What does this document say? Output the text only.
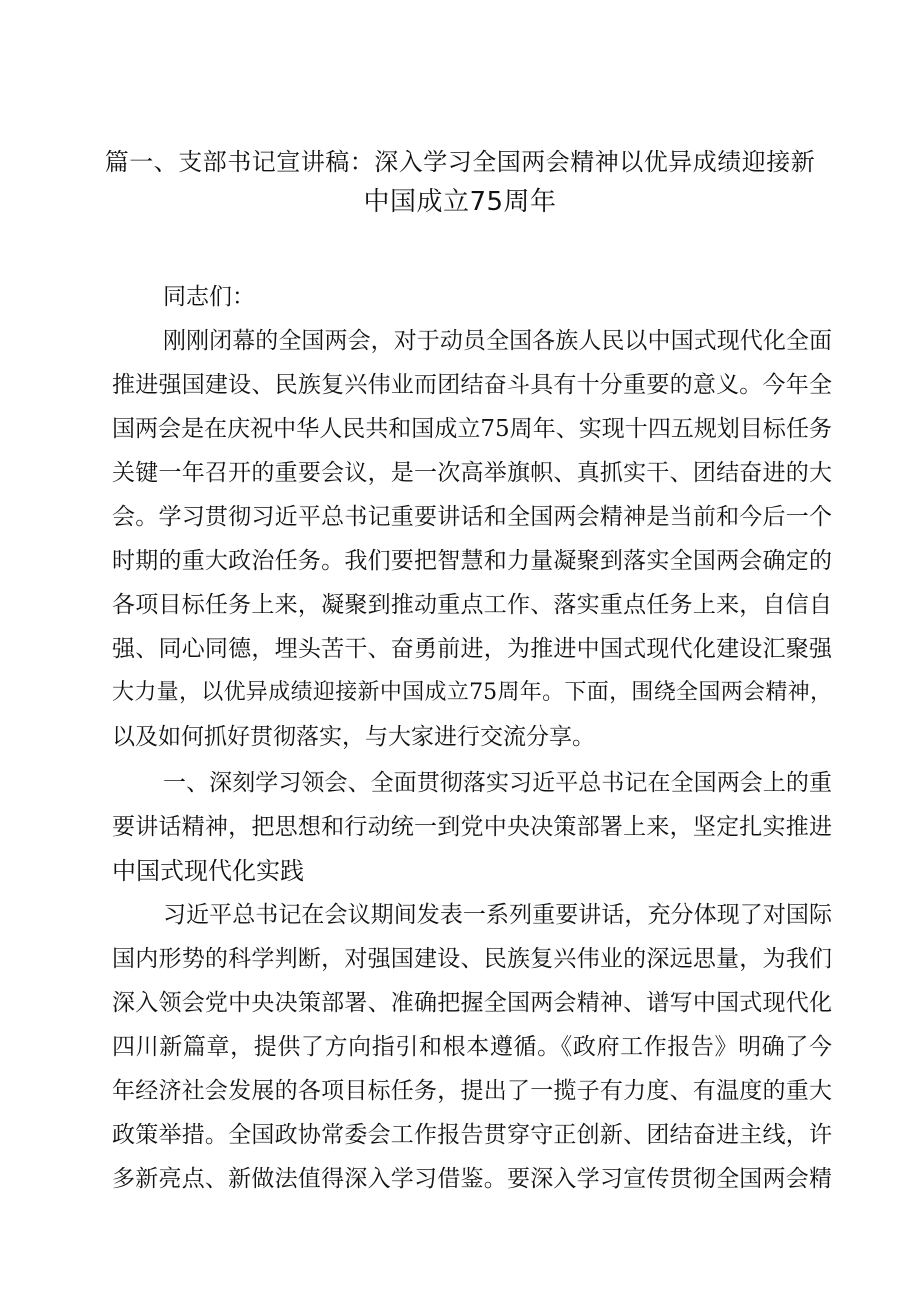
篇一、支部书记宣讲稿：深入学习全国两会精神以优异成绩迎接新
中国成立75周年
同志们：
刚刚闭幕的全国两会，对于动员全国各族人民以中国式现代化全面
推进强国建设、民族复兴伟业而团结奋斗具有十分重要的意义。今年全
国两会是在庆祝中华人民共和国成立75周年、实现十四五规划目标任务
关键一年召开的重要会议，是一次高举旗帜、真抓实干、团结奋进的大
会。学习贯彻习近平总书记重要讲话和全国两会精神是当前和今后一个
时期的重大政治任务。我们要把智慧和力量凝聚到落实全国两会确定的
各项目标任务上来，凝聚到推动重点工作、落实重点任务上来，自信自
强、同心同德，埋头苦干、奋勇前进，为推进中国式现代化建设汇聚强
大力量，以优异成绩迎接新中国成立75周年。下面，围绕全国两会精神，
以及如何抓好贯彻落实，与大家进行交流分享。
一、深刻学习领会、全面贯彻落实习近平总书记在全国两会上的重
要讲话精神，把思想和行动统一到党中央决策部署上来，坚定扎实推进
中国式现代化实践
习近平总书记在会议期间发表一系列重要讲话，充分体现了对国际
国内形势的科学判断，对强国建设、民族复兴伟业的深远思量，为我们
深入领会党中央决策部署、准确把握全国两会精神、谱写中国式现代化
四川新篇章，提供了方向指引和根本遵循。《政府工作报告》明确了今
年经济社会发展的各项目标任务，提出了一揽子有力度、有温度的重大
政策举措。全国政协常委会工作报告贯穿守正创新、团结奋进主线，许
多新亮点、新做法值得深入学习借鉴。要深入学习宣传贯彻全国两会精
